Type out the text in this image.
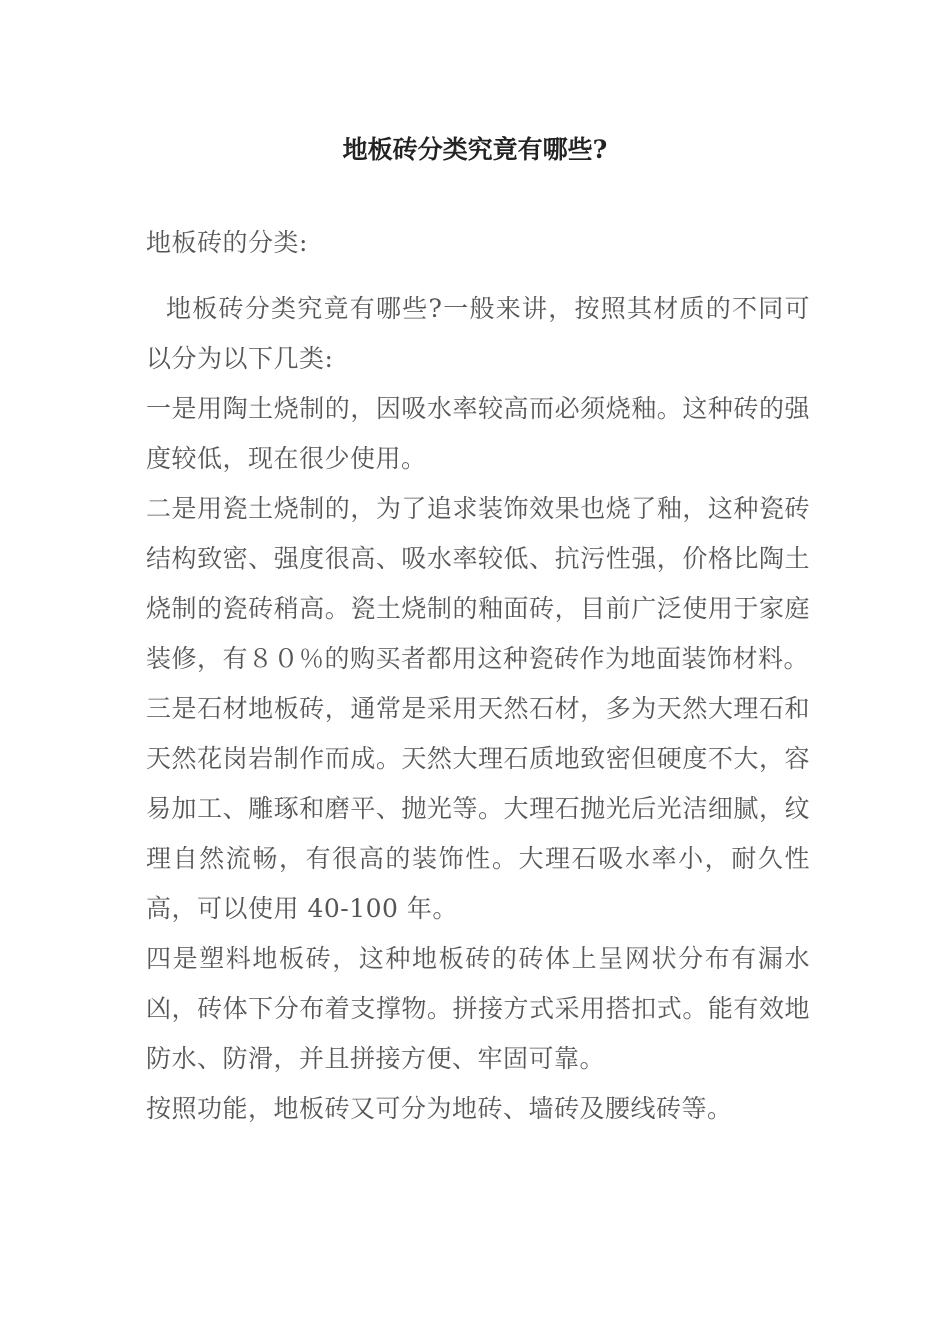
地板砖分类究竟有哪些?

地板砖的分类:

地板砖分类究竟有哪些?一般来讲，按照其材质的不同可以分为以下几类:

一是用陶土烧制的，因吸水率较高而必须烧釉。这种砖的强度较低，现在很少使用。

二是用瓷土烧制的，为了追求装饰效果也烧了釉，这种瓷砖结构致密、强度很高、吸水率较低、抗污性强，价格比陶土烧制的瓷砖稍高。瓷土烧制的釉面砖，目前广泛使用于家庭装修，有８０％的购买者都用这种瓷砖作为地面装饰材料。

三是石材地板砖，通常是采用天然石材，多为天然大理石和天然花岗岩制作而成。天然大理石质地致密但硬度不大，容易加工、雕琢和磨平、抛光等。大理石抛光后光洁细腻，纹理自然流畅，有很高的装饰性。大理石吸水率小，耐久性高，可以使用 40-100 年。

四是塑料地板砖，这种地板砖的砖体上呈网状分布有漏水凶，砖体下分布着支撑物。拼接方式采用搭扣式。能有效地防水、防滑，并且拼接方便、牢固可靠。

按照功能，地板砖又可分为地砖、墙砖及腰线砖等。
